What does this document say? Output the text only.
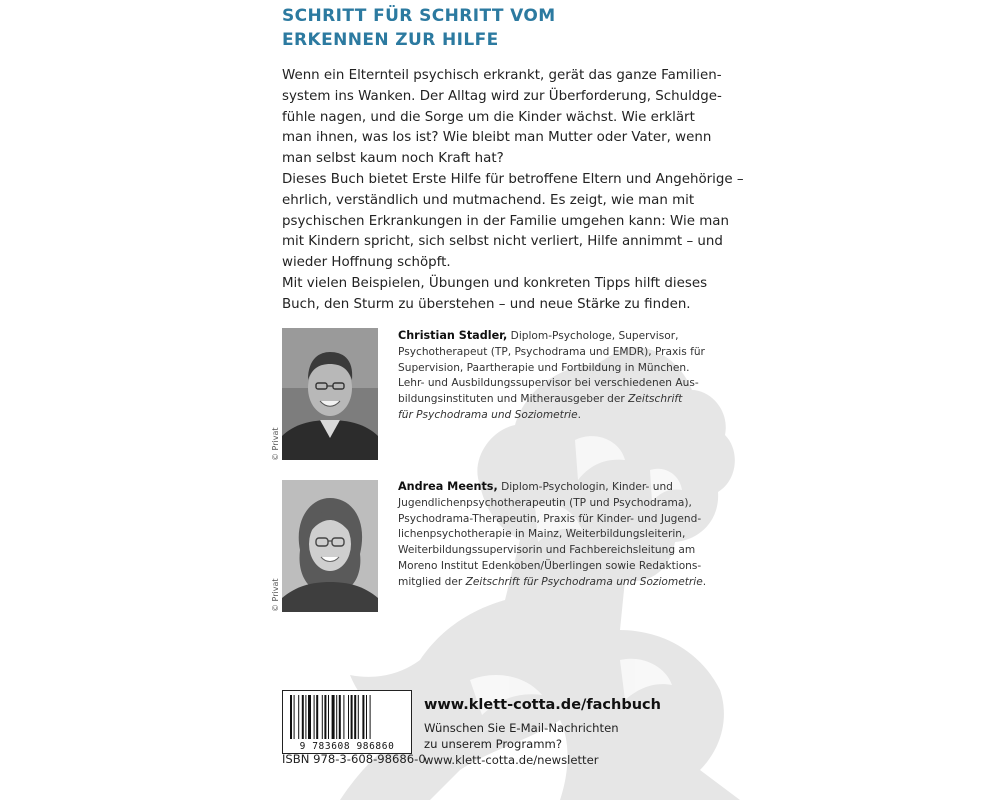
SCHRITT FÜR SCHRITT VOM
ERKENNEN ZUR HILFE
Wenn ein Elternteil psychisch erkrankt, gerät das ganze Familien-
system ins Wanken. Der Alltag wird zur Überforderung, Schuldge-
fühle nagen, und die Sorge um die Kinder wächst. Wie erklärt
man ihnen, was los ist? Wie bleibt man Mutter oder Vater, wenn
man selbst kaum noch Kraft hat?
Dieses Buch bietet Erste Hilfe für betroffene Eltern und Angehörige –
ehrlich, verständlich und mutmachend. Es zeigt, wie man mit
psychischen Erkrankungen in der Familie umgehen kann: Wie man
mit Kindern spricht, sich selbst nicht verliert, Hilfe annimmt – und
wieder Hoffnung schöpft.
Mit vielen Beispielen, Übungen und konkreten Tipps hilft dieses
Buch, den Sturm zu überstehen – und neue Stärke zu finden.
© Privat
Christian Stadler, Diplom-Psychologe, Supervisor,
Psychotherapeut (TP, Psychodrama und EMDR), Praxis für
Supervision, Paartherapie und Fortbildung in München.
Lehr- und Ausbildungssupervisor bei verschiedenen Aus-
bildungsinstituten und Mitherausgeber der Zeitschrift
für Psychodrama und Soziometrie.
© Privat
Andrea Meents, Diplom-Psychologin, Kinder- und
Jugendlichenpsychotherapeutin (TP und Psychodrama),
Psychodrama-Therapeutin, Praxis für Kinder- und Jugend-
lichenpsychotherapie in Mainz, Weiterbildungsleiterin,
Weiterbildungssupervisorin und Fachbereichsleitung am
Moreno Institut Edenkoben/Überlingen sowie Redaktions-
mitglied der Zeitschrift für Psychodrama und Soziometrie.
9 783608 986860
ISBN 978-3-608-98686-0
www.klett-cotta.de/fachbuch
Wünschen Sie E-Mail-Nachrichten
zu unserem Programm?
www.klett-cotta.de/newsletter
